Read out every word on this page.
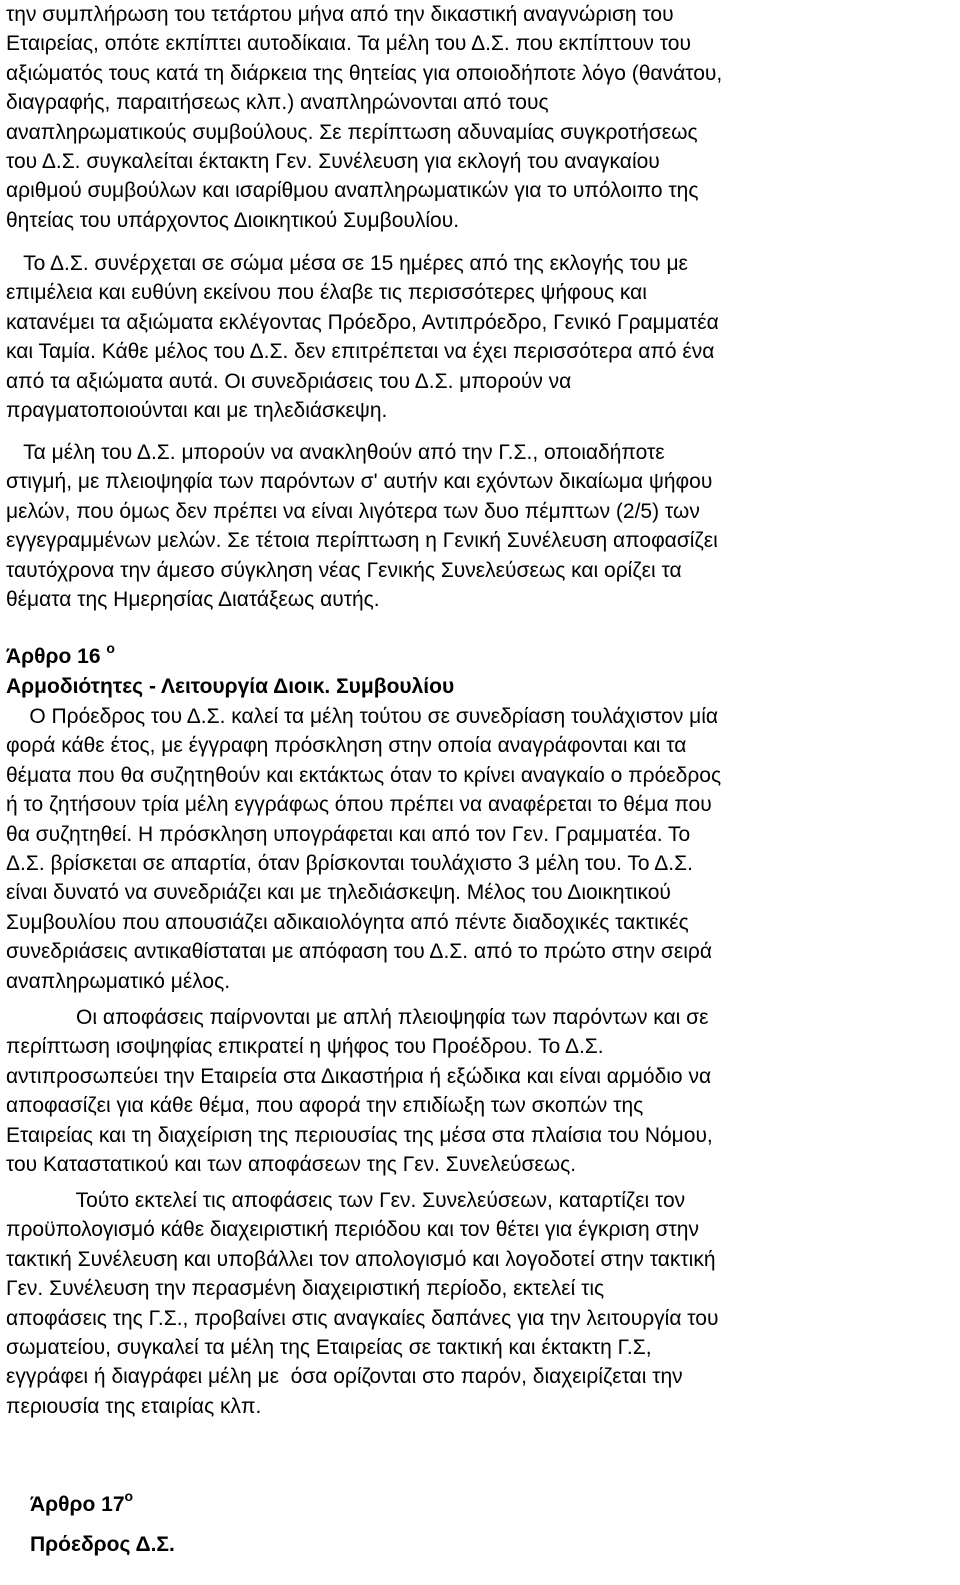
την συμπλήρωση του τετάρτου μήνα από την δικαστική αναγνώριση του
Εταιρείας, οπότε εκπίπτει αυτοδίκαια. Τα μέλη του Δ.Σ. που εκπίπτουν του
αξιώματός τους κατά τη διάρκεια της θητείας για οποιοδήποτε λόγο (θανάτου,
διαγραφής, παραιτήσεως κλπ.) αναπληρώνονται από τους
αναπληρωματικούς συμβούλους. Σε περίπτωση αδυναμίας συγκροτήσεως
του Δ.Σ. συγκαλείται έκτακτη Γεν. Συνέλευση για εκλογή του αναγκαίου
αριθμού συμβούλων και ισαρίθμου αναπληρωματικών για το υπόλοιπο της
θητείας του υπάρχοντος Διοικητικού Συμβουλίου.
Το Δ.Σ. συνέρχεται σε σώμα μέσα σε 15 ημέρες από της εκλογής του με
επιμέλεια και ευθύνη εκείνου που έλαβε τις περισσότερες ψήφους και
κατανέμει τα αξιώματα εκλέγοντας Πρόεδρο, Αντιπρόεδρο, Γενικό Γραμματέα
και Ταμία. Κάθε μέλος του Δ.Σ. δεν επιτρέπεται να έχει περισσότερα από ένα
από τα αξιώματα αυτά. Οι συνεδριάσεις του Δ.Σ. μπορούν να
πραγματοποιούνται και με τηλεδιάσκεψη.
Τα μέλη του Δ.Σ. μπορούν να ανακληθούν από την Γ.Σ., οποιαδήποτε
στιγμή, με πλειοψηφία των παρόντων σ' αυτήν και εχόντων δικαίωμα ψήφου
μελών, που όμως δεν πρέπει να είναι λιγότερα των δυο πέμπτων (2/5) των
εγγεγραμμένων μελών. Σε τέτοια περίπτωση η Γενική Συνέλευση αποφασίζει
ταυτόχρονα την άμεσο σύγκληση νέας Γενικής Συνελεύσεως και ορίζει τα
θέματα της Ημερησίας Διατάξεως αυτής.
Άρθρο 16 $^o$
Αρμοδιότητες - Λειτουργία Διοικ. Συμβουλίου
Ο Πρόεδρος του Δ.Σ. καλεί τα μέλη τούτου σε συνεδρίαση τουλάχιστον μία
φορά κάθε έτος, με έγγραφη πρόσκληση στην οποία αναγράφονται και τα
θέματα που θα συζητηθούν και εκτάκτως όταν το κρίνει αναγκαίο ο πρόεδρος
ή το ζητήσουν τρία μέλη εγγράφως όπου πρέπει να αναφέρεται το θέμα που
θα συζητηθεί. Η πρόσκληση υπογράφεται και από τον Γεν. Γραμματέα. Το
Δ.Σ. βρίσκεται σε απαρτία, όταν βρίσκονται τουλάχιστο 3 μέλη του. Το Δ.Σ.
είναι δυνατό να συνεδριάζει και με τηλεδιάσκεψη. Μέλος του Διοικητικού
Συμβουλίου που απουσιάζει αδικαιολόγητα από πέντε διαδοχικές τακτικές
συνεδριάσεις αντικαθίσταται με απόφαση του Δ.Σ. από το πρώτο στην σειρά
αναπληρωματικό μέλος.
Οι αποφάσεις παίρνονται με απλή πλειοψηφία των παρόντων και σε
περίπτωση ισοψηφίας επικρατεί η ψήφος του Προέδρου. Το Δ.Σ.
αντιπροσωπεύει την Εταιρεία στα Δικαστήρια ή εξώδικα και είναι αρμόδιο να
αποφασίζει για κάθε θέμα, που αφορά την επιδίωξη των σκοπών της
Εταιρείας και τη διαχείριση της περιουσίας της μέσα στα πλαίσια του Νόμου,
του Καταστατικού και των αποφάσεων της Γεν. Συνελεύσεως.
Τούτο εκτελεί τις αποφάσεις των Γεν. Συνελεύσεων, καταρτίζει τον
προϋπολογισμό κάθε διαχειριστική περιόδου και τον θέτει για έγκριση στην
τακτική Συνέλευση και υποβάλλει τον απολογισμό και λογοδοτεί στην τακτική
Γεν. Συνέλευση την περασμένη διαχειριστική περίοδο, εκτελεί τις
αποφάσεις της Γ.Σ., προβαίνει στις αναγκαίες δαπάνες για την λειτουργία του
σωματείου, συγκαλεί τα μέλη της Εταιρείας σε τακτική και έκτακτη Γ.Σ,
εγγράφει ή διαγράφει μέλη με  όσα ορίζονται στο παρόν, διαχειρίζεται την
περιουσία της εταιρίας κλπ.
Άρθρο $17^o$
Πρόεδρος Δ.Σ.
